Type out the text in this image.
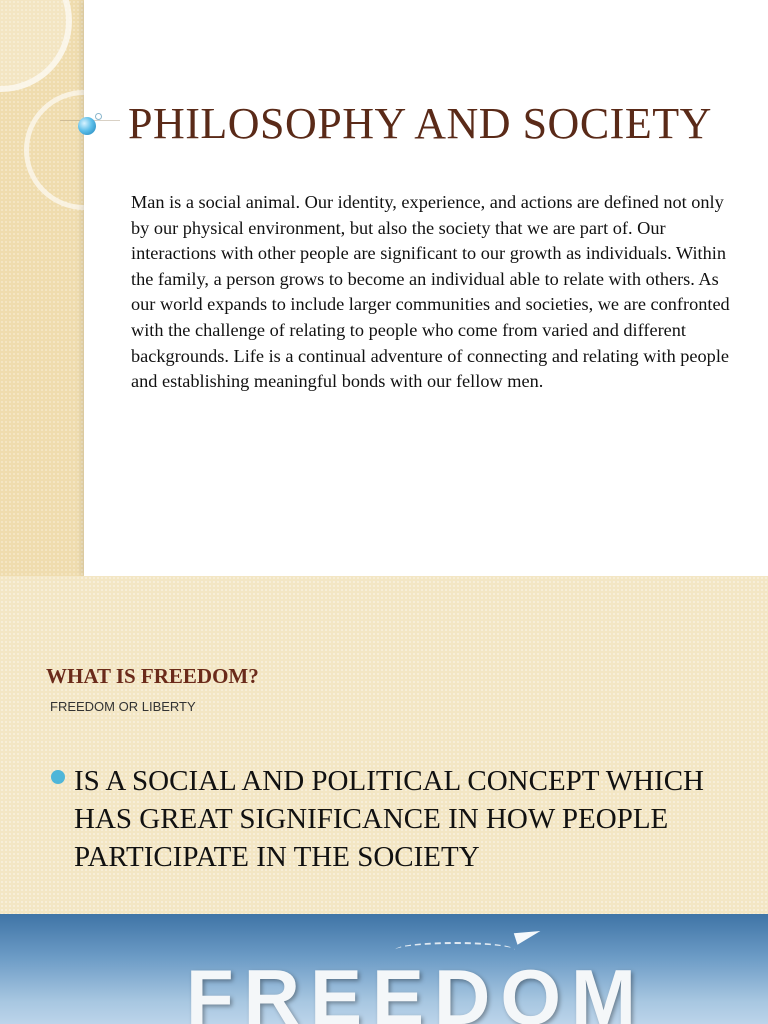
PHILOSOPHY AND SOCIETY

Man is a social animal. Our identity, experience, and actions are defined not only by our physical environment, but also the society that we are part of. Our interactions with other people are significant to our growth as individuals. Within the family, a person grows to become an individual able to relate with others. As our world expands to include larger communities and societies, we are confronted with the challenge of relating to people who come from varied and different backgrounds. Life is a continual adventure of connecting and relating with people and establishing meaningful bonds with our fellow men.

WHAT IS FREEDOM?

FREEDOM OR LIBERTY

IS A SOCIAL AND POLITICAL CONCEPT WHICH HAS GREAT SIGNIFICANCE IN HOW PEOPLE PARTICIPATE IN THE SOCIETY

FREEDOM
